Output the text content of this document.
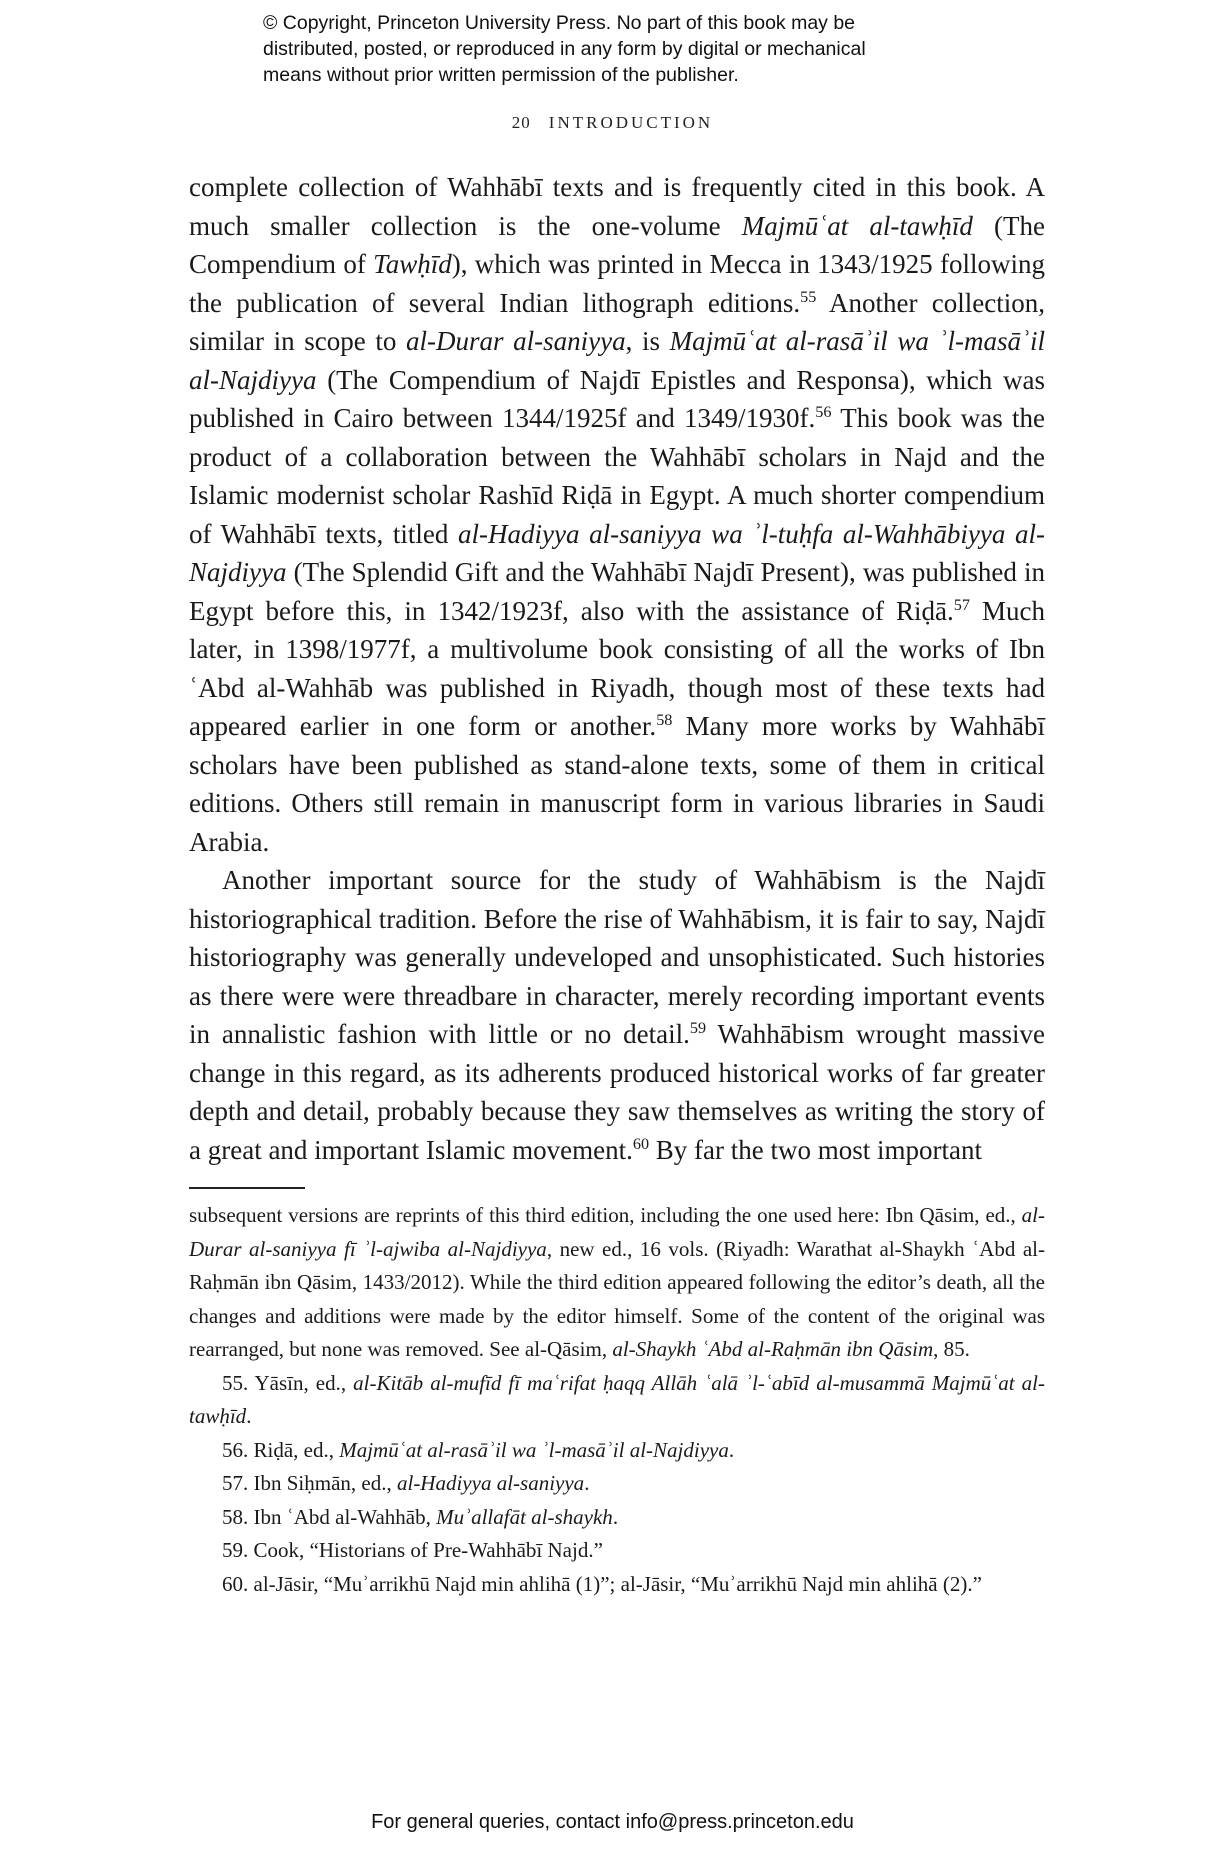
© Copyright, Princeton University Press. No part of this book may be
distributed, posted, or reproduced in any form by digital or mechanical
means without prior written permission of the publisher.
20 INTRODUCTION

complete collection of Wahhābī texts and is frequently cited in this book. A much smaller collection is the one-volume Majmūʿat al-tawḥīd (The Compendium of Tawḥīd), which was printed in Mecca in 1343/1925 following the publication of several Indian lithograph editions.$^{55}$ Another collection, similar in scope to al-Durar al-saniyya, is Majmūʿat al-rasāʾil wa ʾl-masāʾil al-Najdiyya (The Compendium of Najdī Epistles and Responsa), which was published in Cairo between 1344/1925f and 1349/1930f.$^{56}$ This book was the product of a collaboration between the Wahhābī scholars in Najd and the Islamic modernist scholar Rashīd Riḍā in Egypt. A much shorter compendium of Wahhābī texts, titled al-Hadiyya al-saniyya wa ʾl-tuḥfa al-Wahhābiyya al-Najdiyya (The Splendid Gift and the Wahhābī Najdī Present), was published in Egypt before this, in 1342/1923f, also with the assistance of Riḍā.$^{57}$ Much later, in 1398/1977f, a multivolume book consisting of all the works of Ibn ʿAbd al-Wahhāb was published in Riyadh, though most of these texts had appeared earlier in one form or another.$^{58}$ Many more works by Wahhābī scholars have been published as stand-alone texts, some of them in critical editions. Others still remain in manuscript form in various libraries in Saudi Arabia.

Another important source for the study of Wahhābism is the Najdī historiographical tradition. Before the rise of Wahhābism, it is fair to say, Najdī historiography was generally undeveloped and unsophisticated. Such histories as there were were threadbare in character, merely recording important events in annalistic fashion with little or no detail.$^{59}$ Wahhābism wrought massive change in this regard, as its adherents produced historical works of far greater depth and detail, probably because they saw themselves as writing the story of a great and important Islamic movement.$^{60}$ By far the two most important

subsequent versions are reprints of this third edition, including the one used here: Ibn Qāsim, ed., al-Durar al-saniyya fī ʾl-ajwiba al-Najdiyya, new ed., 16 vols. (Riyadh: Warathat al-Shaykh ʿAbd al-Raḥmān ibn Qāsim, 1433/2012). While the third edition appeared following the editor’s death, all the changes and additions were made by the editor himself. Some of the content of the original was rearranged, but none was removed. See al-Qāsim, al-Shaykh ʿAbd al-Raḥmān ibn Qāsim, 85.

55. Yāsīn, ed., al-Kitāb al-mufīd fī maʿrifat ḥaqq Allāh ʿalā ʾl-ʿabīd al-musammā Majmūʿat al-tawḥīd.

56. Riḍā, ed., Majmūʿat al-rasāʾil wa ʾl-masāʾil al-Najdiyya.

57. Ibn Siḥmān, ed., al-Hadiyya al-saniyya.

58. Ibn ʿAbd al-Wahhāb, Muʾallafāt al-shaykh.

59. Cook, “Historians of Pre-Wahhābī Najd.”

60. al-Jāsir, “Muʾarrikhū Najd min ahlihā (1)”; al-Jāsir, “Muʾarrikhū Najd min ahlihā (2).”

For general queries, contact info@press.princeton.edu
